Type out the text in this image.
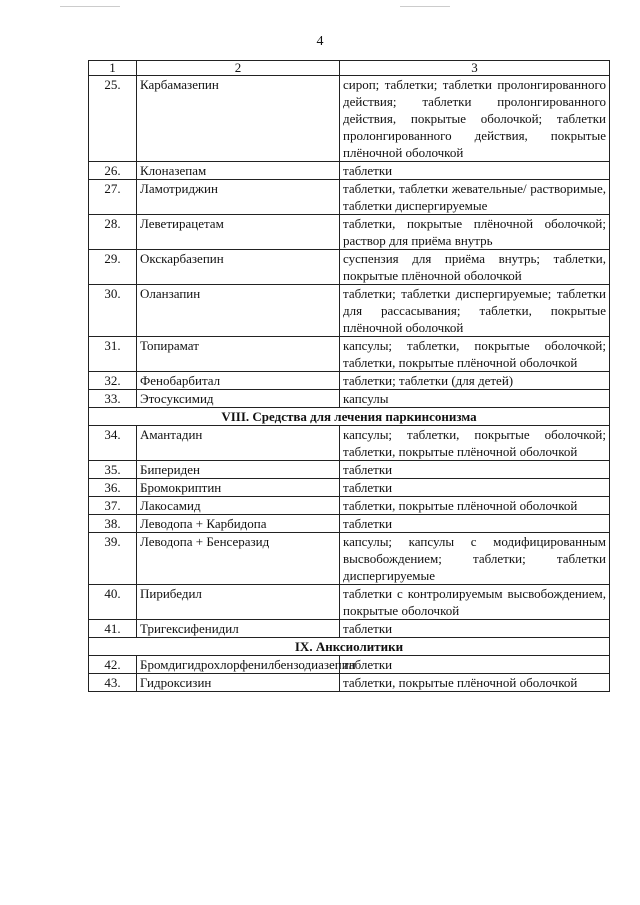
4
1	2	3
25.	Карбамазепин	сироп; таблетки; таблетки пролонгированного действия; таблетки пролонгированного действия, покрытые оболочкой; таблетки пролонгированного действия, покрытые плёночной оболочкой
26.	Клоназепам	таблетки
27.	Ламотриджин	таблетки, таблетки жевательные/ растворимые, таблетки диспергируемые
28.	Леветирацетам	таблетки, покрытые плёночной оболочкой; раствор для приёма внутрь
29.	Окскарбазепин	суспензия для приёма внутрь; таблетки, покрытые плёночной оболочкой
30.	Оланзапин	таблетки; таблетки диспергируемые; таблетки для рассасывания; таблетки, покрытые плёночной оболочкой
31.	Топирамат	капсулы; таблетки, покрытые оболочкой; таблетки, покрытые плёночной оболочкой
32.	Фенобарбитал	таблетки; таблетки (для детей)
33.	Этосуксимид	капсулы
VIII. Средства для лечения паркинсонизма		
34.	Амантадин	капсулы; таблетки, покрытые оболочкой; таблетки, покрытые плёночной оболочкой
35.	Бипериден	таблетки
36.	Бромокриптин	таблетки
37.	Лакосамид	таблетки, покрытые плёночной оболочкой
38.	Леводопа + Карбидопа	таблетки
39.	Леводопа + Бенсеразид	капсулы; капсулы с модифицированным высвобождением; таблетки; таблетки диспергируемые
40.	Пирибедил	таблетки с контролируемым высвобождением, покрытые оболочкой
41.	Тригексифенидил	таблетки
IX. Анксиолитики		
42.	Бромдигидрохлорфенилбензодиазепин	таблетки
43.	Гидроксизин	таблетки, покрытые плёночной оболочкой
